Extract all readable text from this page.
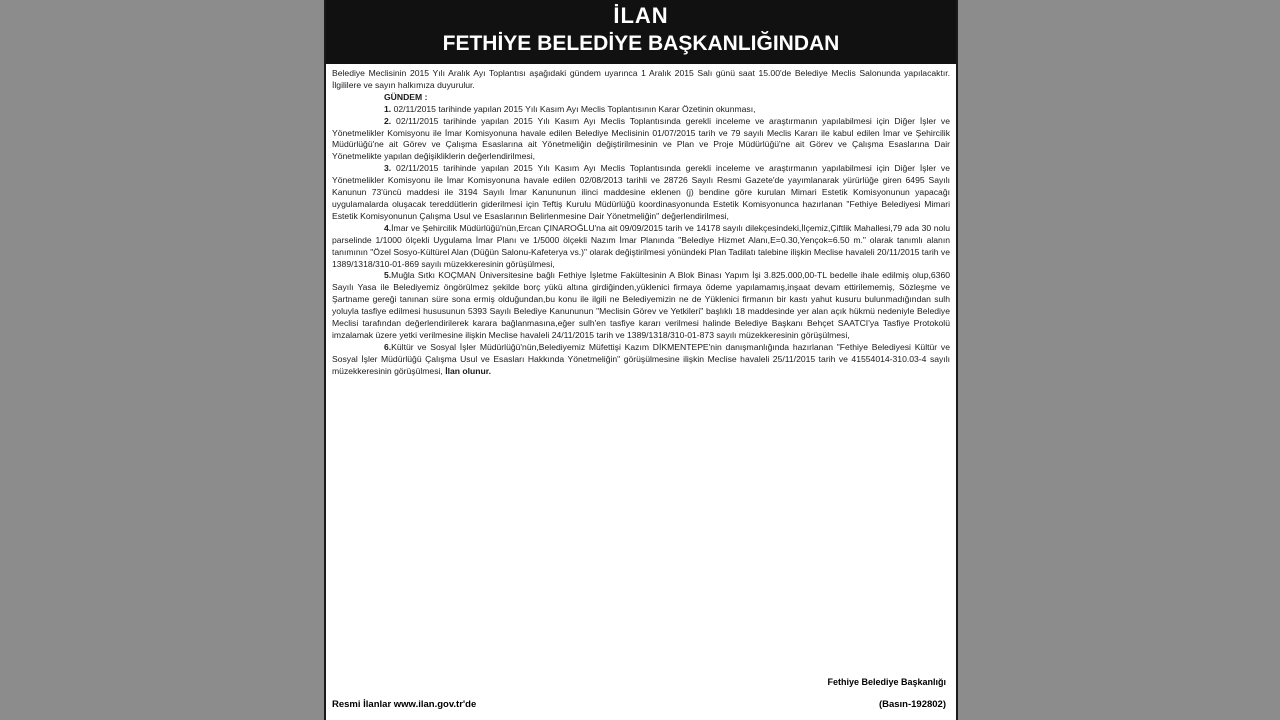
İLAN
FETHİYE BELEDİYE BAŞKANLIĞINDAN

Belediye Meclisinin 2015 Yılı Aralık Ayı Toplantısı aşağıdaki gündem uyarınca 1 Aralık 2015 Salı günü saat 15.00'de Belediye Meclis Salonunda yapılacaktır. İlgililere ve sayın halkımıza duyurulur.

GÜNDEM :

1. 02/11/2015 tarihinde yapılan 2015 Yılı Kasım Ayı Meclis Toplantısının Karar Özetinin okunması,

2. 02/11/2015 tarihinde yapılan 2015 Yılı Kasım Ayı Meclis Toplantısında gerekli inceleme ve araştırmanın yapılabilmesi için Diğer İşler ve Yönetmelikler Komisyonu ile İmar Komisyonuna havale edilen Belediye Meclisinin 01/07/2015 tarih ve 79 sayılı Meclis Kararı ile kabul edilen İmar ve Şehircilik Müdürlüğü'ne ait Görev ve Çalışma Esaslarına ait Yönetmeliğin değiştirilmesinin ve Plan ve Proje Müdürlüğü'ne ait Görev ve Çalışma Esaslarına Dair Yönetmelikte yapılan değişikliklerin değerlendirilmesi,

3. 02/11/2015 tarihinde yapılan 2015 Yılı Kasım Ayı Meclis Toplantısında gerekli inceleme ve araştırmanın yapılabilmesi için Diğer İşler ve Yönetmelikler Komisyonu ile İmar Komisyonuna havale edilen 02/08/2013 tarihli ve 28726 Sayılı Resmi Gazete'de yayımlanarak yürürlüğe giren 6495 Sayılı Kanunun 73'üncü maddesi ile 3194 Sayılı İmar Kanununun ilinci maddesine eklenen (j) bendine göre kurulan Mimari Estetik Komisyonunun yapacağı uygulamalarda oluşacak tereddütlerin giderilmesi için Teftiş Kurulu Müdürlüğü koordinasyonunda Estetik Komisyonunca hazırlanan "Fethiye Belediyesi Mimari Estetik Komisyonunun Çalışma Usul ve Esaslarının Belirlenmesine Dair Yönetmeliğin" değerlendirilmesi,

4.İmar ve Şehircilik Müdürlüğü'nün,Ercan ÇINAROĞLU'na ait 09/09/2015 tarih ve 14178 sayılı dilekçesindeki,İlçemiz,Çiftlik Mahallesi,79 ada 30 nolu parselinde 1/1000 ölçekli Uygulama İmar Planı ve 1/5000 ölçekli Nazım İmar Planında "Belediye Hizmet Alanı,E=0.30,Yençok=6.50 m." olarak tanımlı alanın tanımının "Özel Sosyo-Kültürel Alan (Düğün Salonu-Kafeterya vs.)" olarak değiştirilmesi yönündeki Plan Tadilatı talebine ilişkin Meclise havaleli 20/11/2015 tarih ve 1389/1318/310-01-869 sayılı müzekkeresinin görüşülmesi,

5.Muğla Sıtkı KOÇMAN Üniversitesine bağlı Fethiye İşletme Fakültesinin A Blok Binası Yapım İşi 3.825.000,00-TL bedelle ihale edilmiş olup,6360 Sayılı Yasa ile Belediyemiz öngörülmez şekilde borç yükü altına girdiğinden,yüklenici firmaya ödeme yapılamamış,inşaat devam ettirilememiş, Sözleşme ve Şartname gereği tanınan süre sona ermiş olduğundan,bu konu ile ilgili ne Belediyemizin ne de Yüklenici firmanın bir kastı yahut kusuru bulunmadığından sulh yoluyla tasfiye edilmesi hususunun 5393 Sayılı Belediye Kanununun "Meclisin Görev ve Yetkileri" başlıklı 18 maddesinde yer alan açık hükmü nedeniyle Belediye Meclisi tarafından değerlendirilerek karara bağlanmasına,eğer sulh'en tasfiye kararı verilmesi halinde Belediye Başkanı Behçet SAATCI'ya Tasfiye Protokolü imzalamak üzere yetki verilmesine ilişkin Meclise havaleli 24/11/2015 tarih ve 1389/1318/310-01-873 sayılı müzekkeresinin görüşülmesi,

6.Kültür ve Sosyal İşler Müdürlüğü'nün,Belediyemiz Müfettişi Kazım DİKMENTEPE'nin danışmanlığında hazırlanan "Fethiye Belediyesi Kültür ve Sosyal İşler Müdürlüğü Çalışma Usul ve Esasları Hakkında Yönetmeliğin" görüşülmesine ilişkin Meclise havaleli 25/11/2015 tarih ve 41554014-310.03-4 sayılı müzekkeresinin görüşülmesi, İlan olunur.

Fethiye Belediye Başkanlığı
Resmi İlanlar www.ilan.gov.tr'de	(Basın-192802)
